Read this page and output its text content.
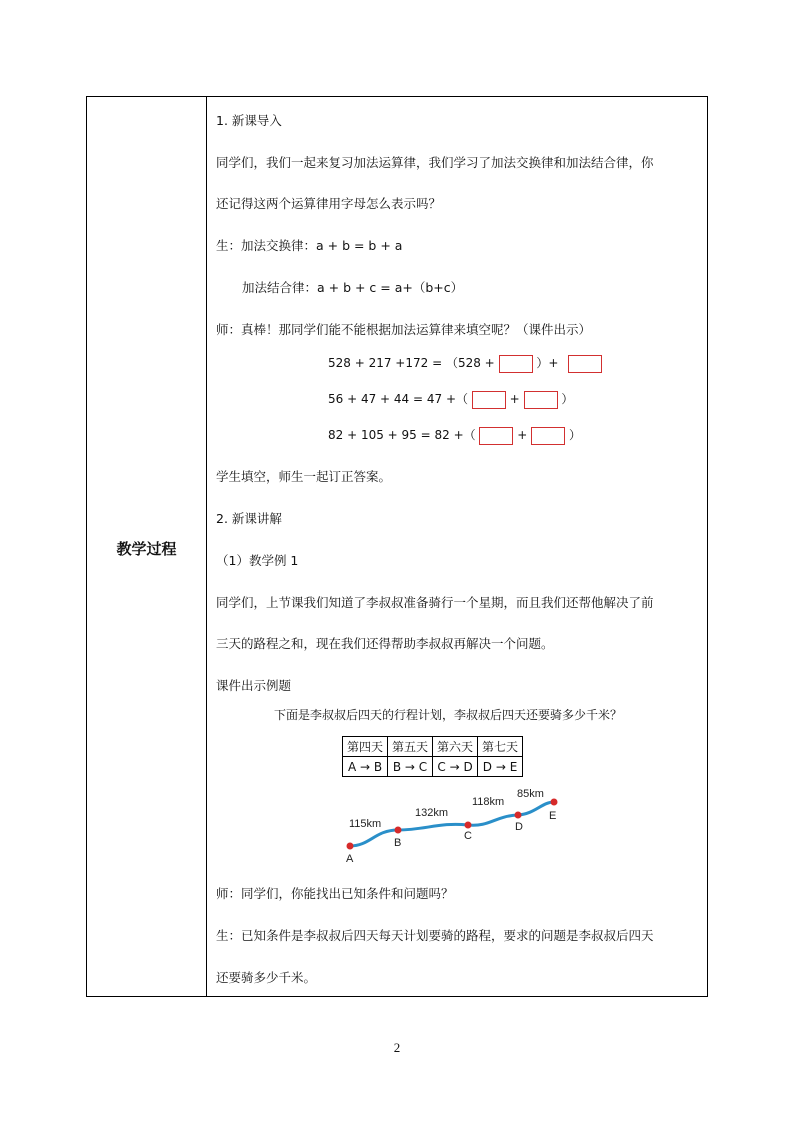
教学过程
1. 新课导入
同学们，我们一起来复习加法运算律，我们学习了加法交换律和加法结合律，你
还记得这两个运算律用字母怎么表示吗？
生：加法交换律：a + b = b + a
加法结合律：a + b + c = a+（b+c）
师：真棒！那同学们能不能根据加法运算律来填空呢？（课件出示）
528 + 217 +172 = （528 +	）+
56 + 47 + 44 = 47 +（	+	）
82 + 105 + 95 = 82 +（	+	）
学生填空，师生一起订正答案。
2. 新课讲解
（1）教学例 1
同学们，上节课我们知道了李叔叔准备骑行一个星期，而且我们还帮他解决了前
三天的路程之和，现在我们还得帮助李叔叔再解决一个问题。
课件出示例题
下面是李叔叔后四天的行程计划，李叔叔后四天还要骑多少千米？
第四天	第五天	第六天	第七天
A → B	B → C	C → D	D → E
A
B
C
D
E
115km
132km
118km
85km
师：同学们，你能找出已知条件和问题吗？
生：已知条件是李叔叔后四天每天计划要骑的路程，要求的问题是李叔叔后四天
还要骑多少千米。
2
